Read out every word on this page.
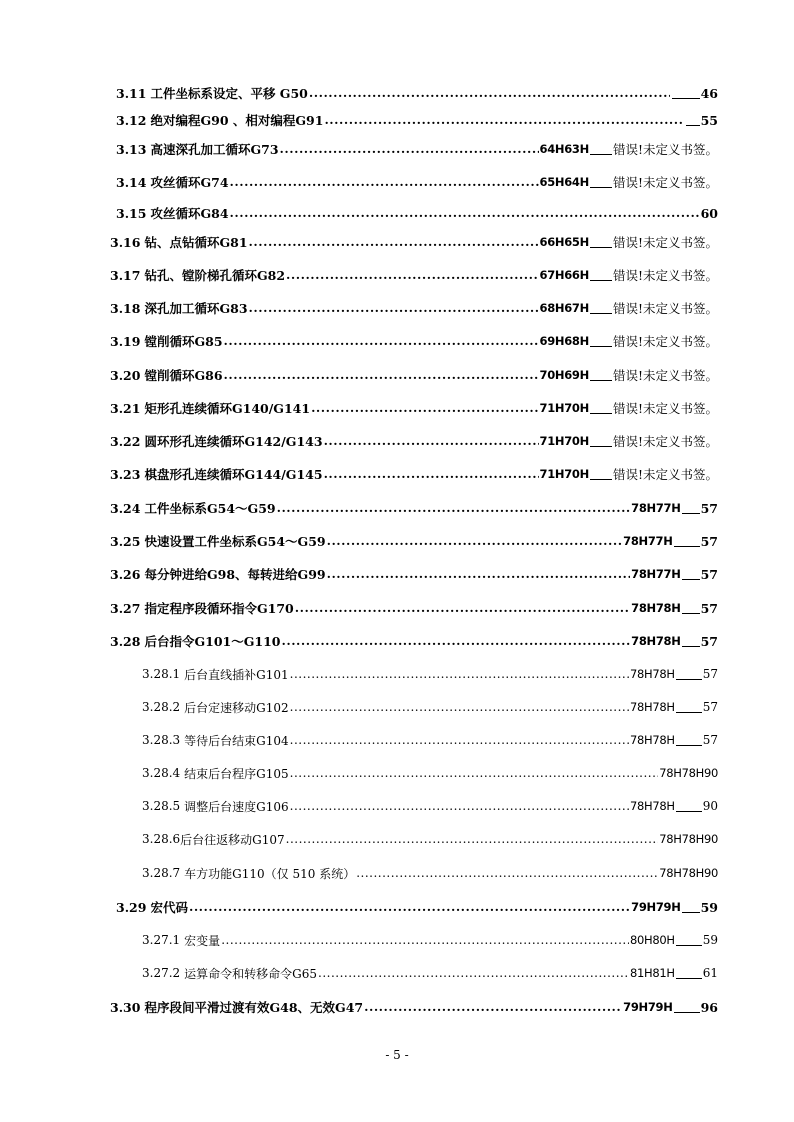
3.11 工件坐标系设定、平移 G50 .....	46
3.12 绝对编程G90 、相对编程G91 .....	55
3.13 高速深孔加工循环G73 .....	64H63H 错误!未定义书签。
3.14 攻丝循环G74 .....	65H64H 错误!未定义书签。
3.15 攻丝循环G84 .....	60
3.16 钻、点钻循环G81 .....	66H65H 错误!未定义书签。
3.17 钻孔、镗阶梯孔循环G82 .....	67H66H 错误!未定义书签。
3.18 深孔加工循环G83 .....	68H67H 错误!未定义书签。
3.19 镗削循环G85 .....	69H68H 错误!未定义书签。
3.20 镗削循环G86 .....	70H69H 错误!未定义书签。
3.21 矩形孔连续循环G140/G141 .....	71H70H 错误!未定义书签。
3.22 圆环形孔连续循环G142/G143 .....	71H70H 错误!未定义书签。
3.23 棋盘形孔连续循环G144/G145 .....	71H70H 错误!未定义书签。
3.24 工件坐标系G54～G59 .....	78H77H 57
3.25 快速设置工件坐标系G54～G59 .....	78H77H 57
3.26 每分钟进给G98、每转进给G99 .....	78H77H 57
3.27 指定程序段循环指令G170 .....	78H78H 57
3.28 后台指令G101～G110 .....	78H78H 57
3.28.1 后台直线插补G101 .....	78H78H 57
3.28.2 后台定速移动G102 .....	78H78H 57
3.28.3 等待后台结束G104 .....	78H78H 57
3.28.4 结束后台程序G105 .....	78H78H90
3.28.5 调整后台速度G106 .....	78H78H 90
3.28.6 后台往返移动G107 .....	78H78H90
3.28.7 车方功能G110（仅 510 系统） .....	78H78H90
3.29 宏代码 .....	79H79H 59
3.27.1 宏变量 .....	80H80H 59
3.27.2 运算命令和转移命令G65 .....	81H81H 61
3.30 程序段间平滑过渡有效G48、无效G47 .....	79H79H 96
- 5 -
